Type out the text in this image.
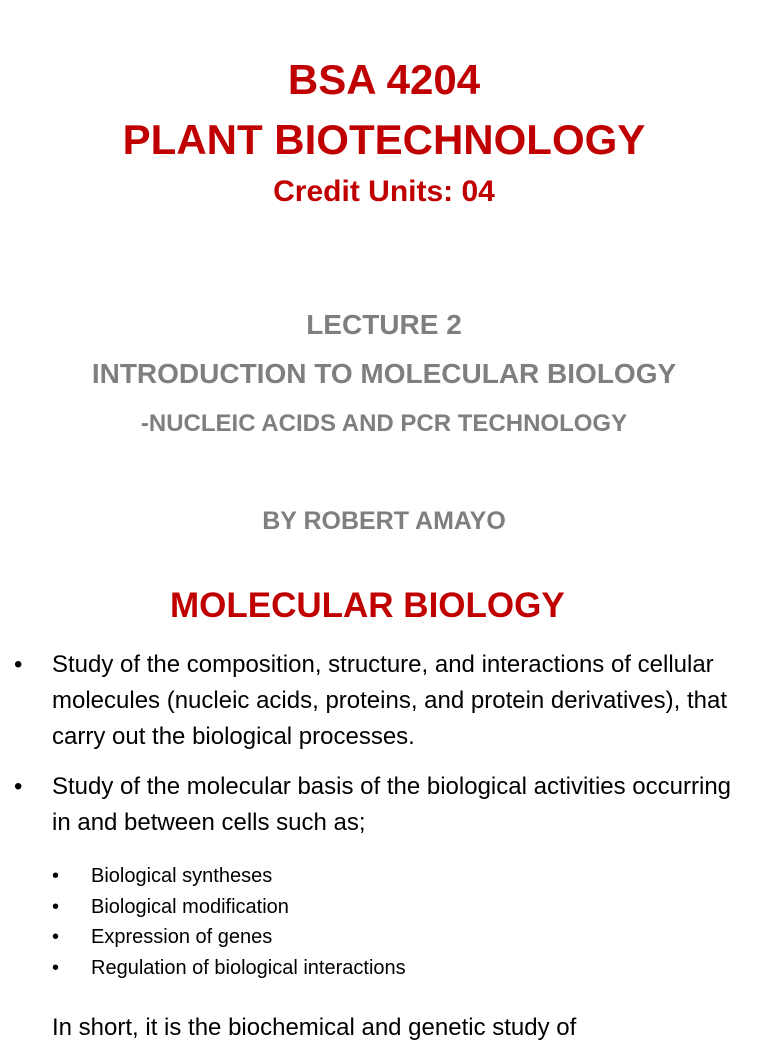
BSA 4204
PLANT BIOTECHNOLOGY
Credit Units: 04
LECTURE 2
INTRODUCTION TO MOLECULAR BIOLOGY
-NUCLEIC ACIDS AND PCR TECHNOLOGY
BY ROBERT AMAYO
MOLECULAR BIOLOGY
• Study of the composition, structure, and interactions of cellular molecules (nucleic acids, proteins, and protein derivatives), that carry out the biological processes.
• Study of the molecular basis of the biological activities occurring in and between cells such as;
• Biological syntheses
• Biological modification
• Expression of genes
• Regulation of biological interactions
In short, it is the biochemical and genetic study of
